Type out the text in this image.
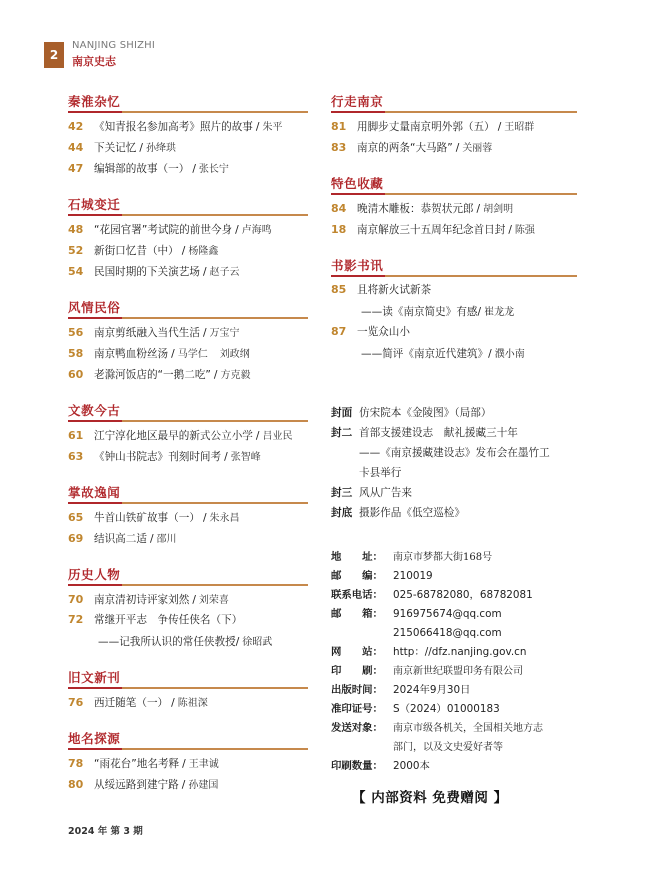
2
NANJING SHIZHI
南京史志
秦淮杂忆
42	《知青报名参加高考》照片的故事 / 朱平
44	下关记忆 / 孙绛珙
47	编辑部的故事（一） / 张长宁
石城变迁
48	“花园官署”考试院的前世今身 / 卢海鸣
52	新街口忆昔（中） / 杨隆鑫
54	民国时期的下关演艺场 / 赵子云
风情民俗
56	南京剪纸融入当代生活 / 万宝宁
58	南京鸭血粉丝汤 / 马学仁 刘政纲
60	老滁河饭店的“一鹅二吃” / 方克毅
文教今古
61	江宁淳化地区最早的新式公立小学 / 吕业民
63	《钟山书院志》刊刻时间考 / 张智峰
掌故逸闻
65	牛首山铁矿故事（一） / 朱永昌
69	结识高二适 / 邵川
历史人物
70	南京清初诗评家刘然 / 刘荣喜
72	常继开平志　争传任侠名（下）
——记我所认识的常任侠教授 / 徐昭武
旧文新刊
76	西迁随笔（一） / 陈祖深
地名探源
78	“雨花台”地名考释 / 王聿诚
80	从绥远路到建宁路 / 孙建国
行走南京
81	用脚步丈量南京明外郭（五） / 王昭群
83	南京的两条“大马路” / 关丽蓉
特色收藏
84	晚清木雕板：恭贺状元郎 / 胡剑明
18	南京解放三十五周年纪念首日封 / 陈强
书影书讯
85	且将新火试新茶
——读《南京简史》有感 / 崔龙龙
87	一览众山小
——简评《南京近代建筑》 / 濮小南
封面 仿宋院本《金陵图》（局部）
封二 首部支援建设志　献礼援藏三十年
——《南京援藏建设志》发布会在墨竹工
卡县举行
封三 风从广告来
封底 摄影作品《低空巡检》
地　　址：	南京市梦都大街168号
邮　　编： 210019
联系电话： 025-68782080，68782081
邮　　箱： 916975674@qq.com
215066418@qq.com
网　　站： http：//dfz.nanjing.gov.cn
印　　刷：	南京新世纪联盟印务有限公司
出版时间： 2024年9月30日
准印证号： S（2024）01000183
发送对象：	南京市级各机关，全国相关地方志
部门，以及文史爱好者等
印刷数量： 2000本
【 内部资料 免费赠阅 】
2024 年 第 3 期
